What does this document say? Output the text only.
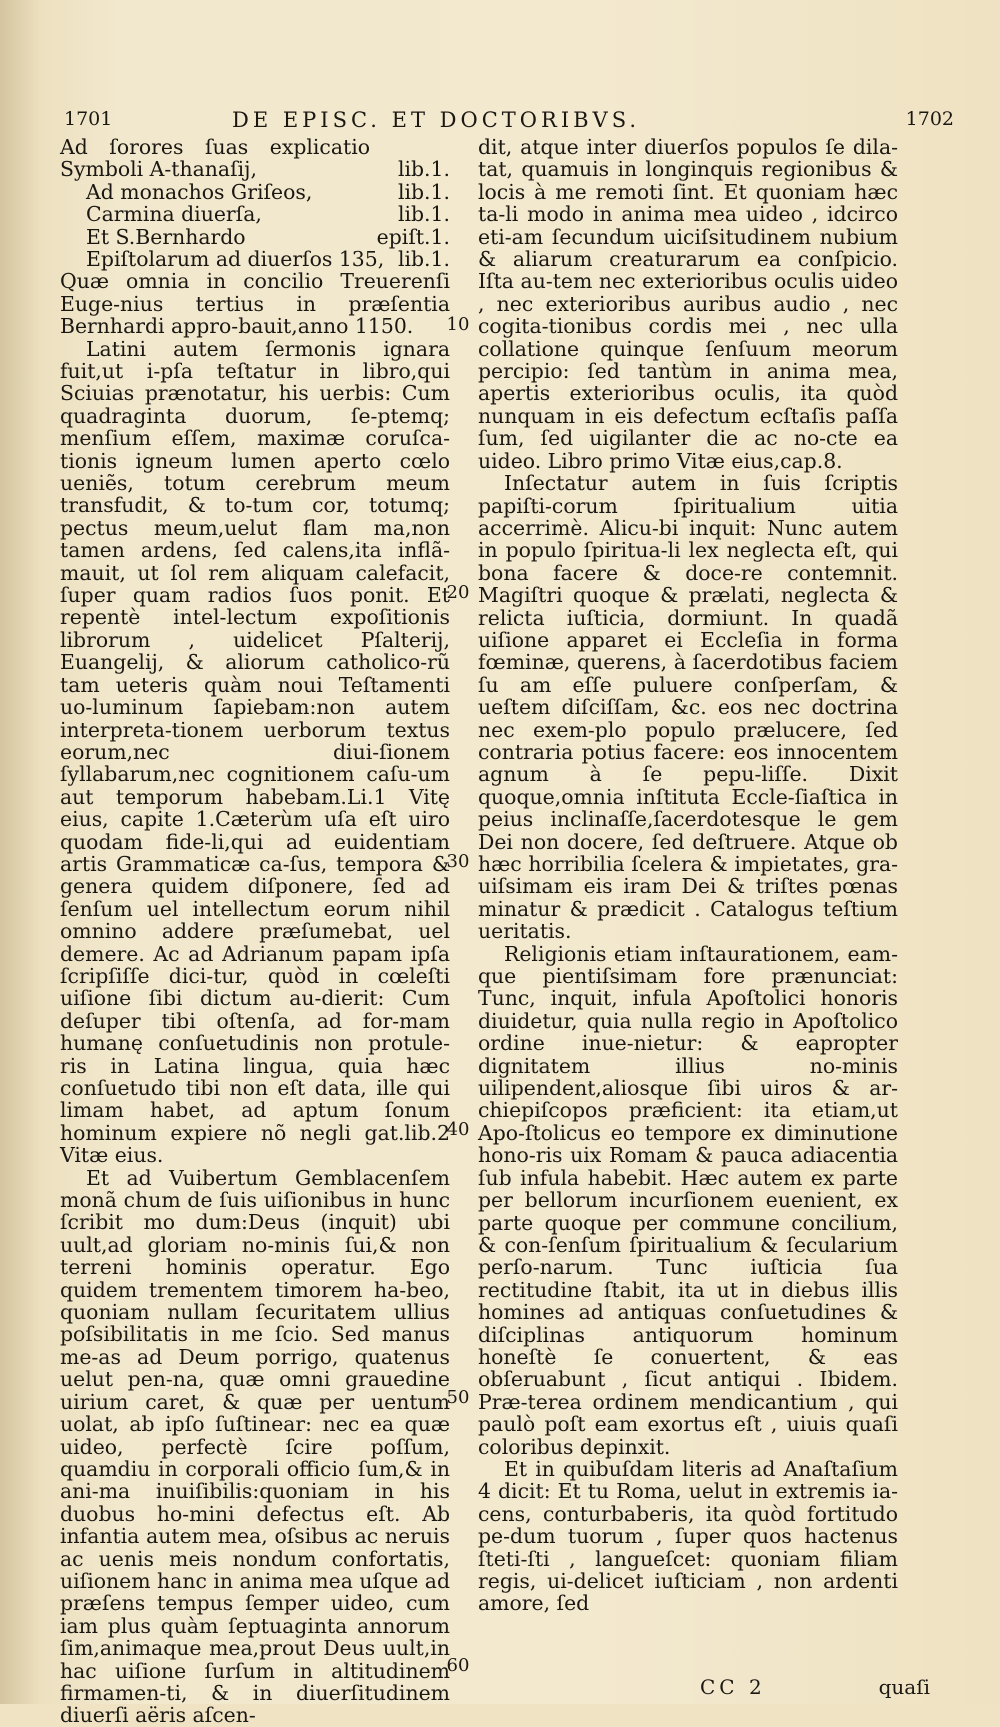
1701	DE EPISC. ET DOCTORIBVS.	1702

Ad ſorores ſuas explicatio Symboli A-thanaſij,	lib.1.
Ad monachos Griſeos,	lib.1.
Carmina diuerſa,	lib.1.
Et S.Bernhardo	epiſt.1.
Epiſtolarum ad diuerſos 135, lib.1.

Quæ omnia in concilio Treuerenſi Euge-nius tertius in præſentia Bernhardi appro-bauit,anno 1150.

Latini autem ſermonis ignara fuit,ut i-pſa teſtatur in libro,qui Sciuias prænotatur, his uerbis: Cum quadraginta duorum, ſe-ptemq; menſium eſſem, maximæ coruſca-tionis igneum lumen aperto cœlo ueniẽs, totum cerebrum meum transfudit, & to-tum cor, totumq; pectus meum,uelut flam ma,non tamen ardens, ſed calens,ita inflã-mauit, ut ſol rem aliquam calefacit, ſuper quam radios ſuos ponit. Et repentè intel-lectum expoſitionis librorum , uidelicet Pſalterij, Euangelij, & aliorum catholico-rũ tam ueteris quàm noui Teſtamenti uo-luminum ſapiebam:non autem interpreta-tionem uerborum textus eorum,nec diui-ſionem ſyllabarum,nec cognitionem caſu-um aut temporum habebam.Li.1 Vitę eius, capite 1.Cæterùm uſa eſt uiro quodam fide-li,qui ad euidentiam artis Grammaticæ ca-ſus, tempora & genera quidem diſponere, ſed ad ſenſum uel intellectum eorum nihil omnino addere præſumebat, uel demere. Ac ad Adrianum papam ipſa ſcripſiſſe dici-tur, quòd in cœleſti uiſione ſibi dictum au-dierit: Cum deſuper tibi oſtenſa, ad for-mam humanę conſuetudinis non protule-ris in Latina lingua, quia hæc conſuetudo tibi non eſt data, ille qui limam habet, ad aptum ſonum hominum expiere nõ negli gat.lib.2 Vitæ eius.

Et ad Vuibertum Gemblacenſem monã chum de ſuis uiſionibus in hunc ſcribit mo dum:Deus (inquit) ubi uult,ad gloriam no-minis ſui,& non terreni hominis operatur. Ego quidem trementem timorem ha-beo, quoniam nullam ſecuritatem ullius poſsibilitatis in me ſcio. Sed manus me-as ad Deum porrigo, quatenus uelut pen-na, quæ omni grauedine uirium caret, & quæ per uentum uolat, ab ipſo ſuſtinear: nec ea quæ uideo, perfectè ſcire poſſum, quamdiu in corporali officio ſum,& in ani-ma inuiſibilis:quoniam in his duobus ho-mini defectus eſt. Ab infantia autem mea, oſsibus ac neruis ac uenis meis nondum confortatis, uiſionem hanc in anima mea uſque ad præſens tempus ſemper uideo, cum iam plus quàm ſeptuaginta annorum ſim,animaque mea,prout Deus uult,in hac uiſione ſurſum in altitudinem firmamen-ti, & in diuerſitudinem diuerſi aëris aſcen-

10
20
30
40
50
60

dit, atque inter diuerſos populos ſe dila-tat, quamuis in longinquis regionibus & locis à me remoti ſint. Et quoniam hæc ta-li modo in anima mea uideo , idcirco eti-am ſecundum uiciſsitudinem nubium & aliarum creaturarum ea conſpicio. Iſta au-tem nec exterioribus oculis uideo , nec exterioribus auribus audio , nec cogita-tionibus cordis mei , nec ulla collatione quinque ſenſuum meorum percipio: ſed tantùm in anima mea, apertis exterioribus oculis, ita quòd nunquam in eis defectum ecſtaſis paſſa ſum, ſed uigilanter die ac no-cte ea uideo. Libro primo Vitæ eius,cap.8.

Inſectatur autem in ſuis ſcriptis papiſti-corum ſpiritualium uitia accerrimè. Alicu-bi inquit: Nunc autem in populo ſpiritua-li lex neglecta eſt, qui bona facere & doce-re contemnit. Magiſtri quoque & prælati, neglecta & relicta iuſticia, dormiunt. In quadã uiſione apparet ei Eccleſia in forma fœminæ, querens, à ſacerdotibus faciem ſu am eſſe puluere conſperſam, & ueſtem diſciſſam, &c. eos nec doctrina nec exem-plo populo prælucere, ſed contraria potius facere: eos innocentem agnum à ſe pepu-liſſe. Dixit quoque,omnia inſtituta Eccle-ſiaſtica in peius inclinaſſe,ſacerdotesque le gem Dei non docere, ſed deſtruere. Atque ob hæc horribilia ſcelera & impietates, gra-uiſsimam eis iram Dei & triſtes pœnas minatur & prædicit . Catalogus teſtium ueritatis.

Religionis etiam inſtaurationem, eam-que pientiſsimam fore prænunciat: Tunc, inquit, infula Apoſtolici honoris diuidetur, quia nulla regio in Apoſtolico ordine inue-nietur: & eapropter dignitatem illius no-minis uilipendent,aliosque ſibi uiros & ar-chiepiſcopos præficient: ita etiam,ut Apo-ſtolicus eo tempore ex diminutione hono-ris uix Romam & pauca adiacentia ſub infula habebit. Hæc autem ex parte per bellorum incurſionem euenient, ex parte quoque per commune concilium, & con-ſenſum ſpiritualium & ſecularium perſo-narum. Tunc iuſticia ſua rectitudine ſtabit, ita ut in diebus illis homines ad antiquas conſuetudines & diſciplinas antiquorum hominum honeſtè ſe conuertent, & eas obſeruabunt , ſicut antiqui . Ibidem. Præ-terea ordinem mendicantium , qui paulò poſt eam exortus eſt , uiuis quaſi coloribus depinxit.

Et in quibuſdam literis ad Anaſtaſium 4 dicit: Et tu Roma, uelut in extremis ia-cens, conturbaberis, ita quòd fortitudo pe-dum tuorum , ſuper quos hactenus ſteti-ſti , langueſcet: quoniam filiam regis, ui-delicet iuſticiam , non ardenti amore, ſed

CC 2	quaſi
